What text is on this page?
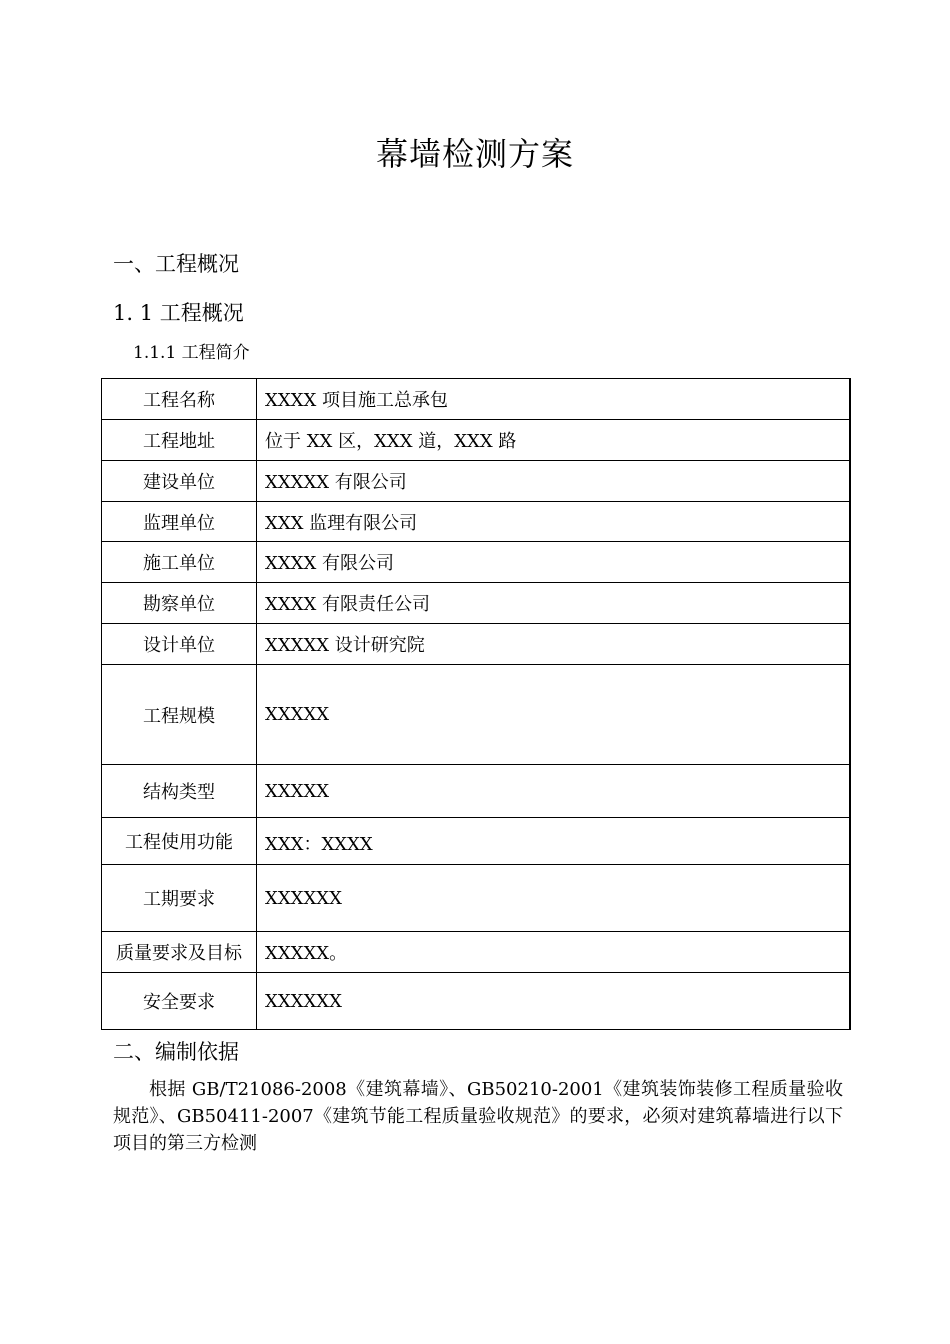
幕墙检测方案
一、工程概况
1. 1 工程概况
1.1.1 工程简介
工程名称	XXXX 项目施工总承包
工程地址	位于 XX 区，XXX 道，XXX 路
建设单位	XXXXX 有限公司
监理单位	XXX 监理有限公司
施工单位	XXXX 有限公司
勘察单位	XXXX 有限责任公司
设计单位	XXXXX 设计研究院
工程规模	XXXXX
结构类型	XXXXX
工程使用功能	XXX：XXXX
工期要求	XXXXXX
质量要求及目标	XXXXX。
安全要求	XXXXXX
二、编制依据
根据 GB/T21086-2008《建筑幕墙》、GB50210-2001《建筑装饰装修工程质量验收规范》、GB50411-2007《建筑节能工程质量验收规范》的要求，必须对建筑幕墙进行以下项目的第三方检测
